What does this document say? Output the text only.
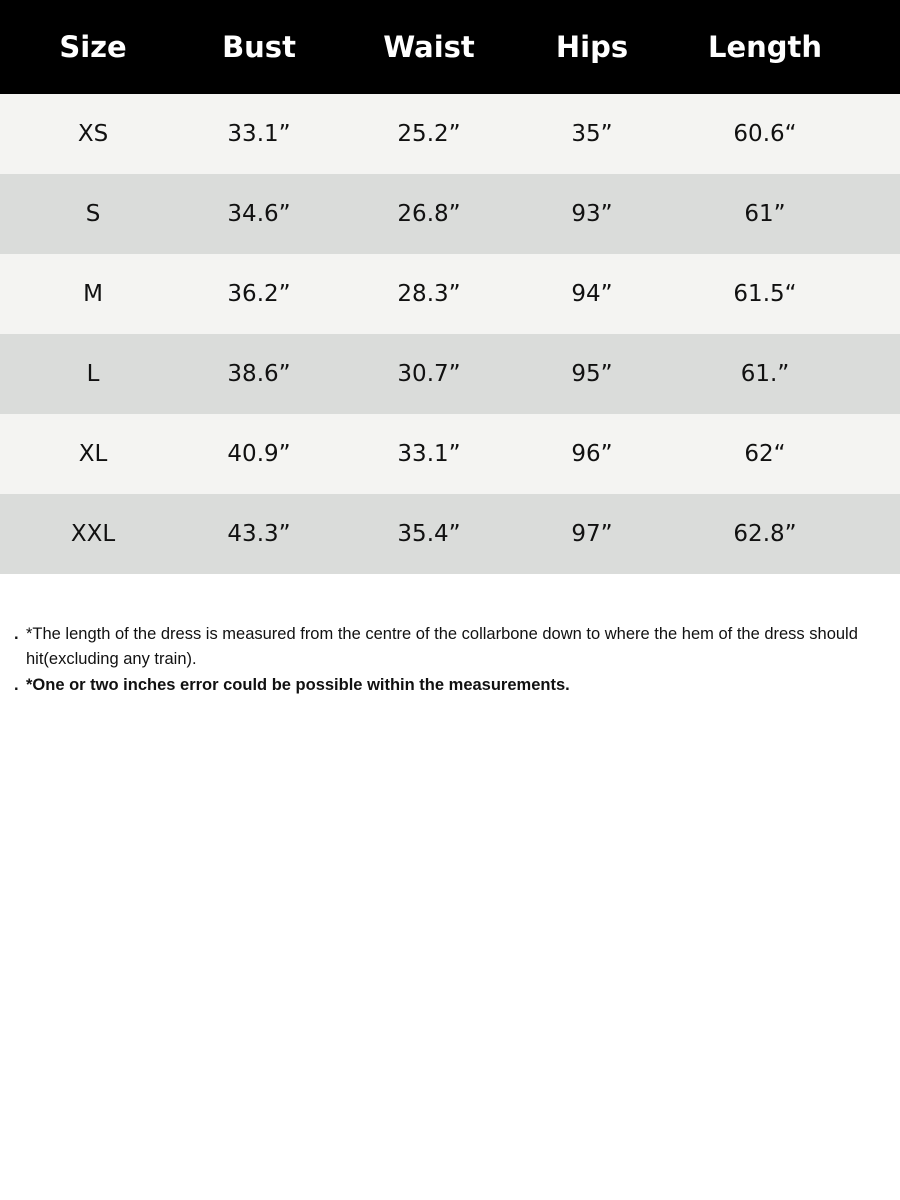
Size	Bust	Waist	Hips	Length
XS	33.1”	25.2”	35”	60.6“
S	34.6”	26.8”	93”	61”
M	36.2”	28.3”	94”	61.5“
L	38.6”	30.7”	95”	61.”
XL	40.9”	33.1”	96”	62“
XXL	43.3”	35.4”	97”	62.8”
. *The length of the dress is measured from the centre of the collarbone down to where the hem of the dress should hit(excluding any train).
. *One or two inches error could be possible within the measurements.
